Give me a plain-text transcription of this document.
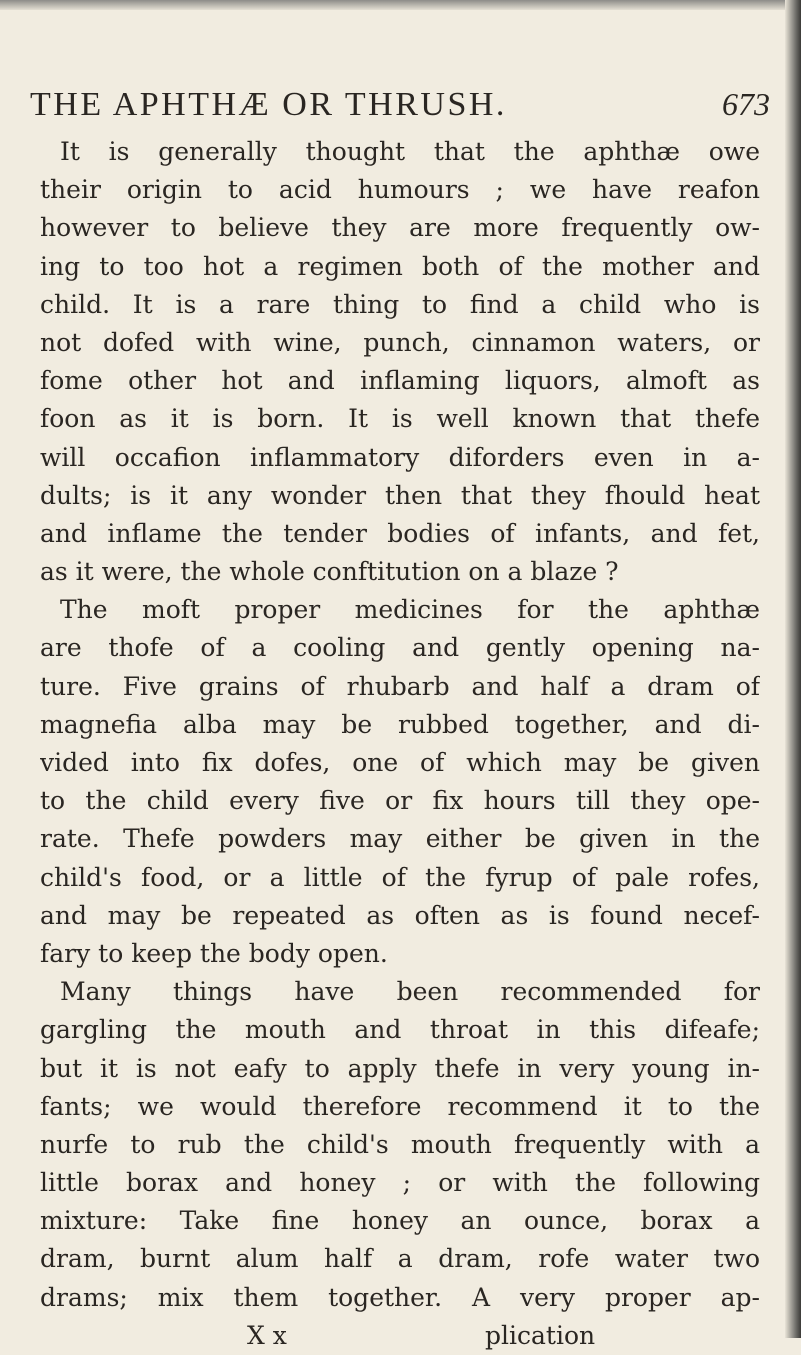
THE APHTHÆ OR THRUSH.	673
It is generally thought that the aphthæ owe
their origin to acid humours ; we have reafon
however to believe they are more frequently ow-
ing to too hot a regimen both of the mother and
child. It is a rare thing to find a child who is
not dofed with wine, punch, cinnamon waters, or
fome other hot and inflaming liquors, almoft as
foon as it is born. It is well known that thefe
will occafion inflammatory diforders even in a-
dults; is it any wonder then that they fhould heat
and inflame the tender bodies of infants, and fet,
as it were, the whole conftitution on a blaze ?
The moft proper medicines for the aphthæ
are thofe of a cooling and gently opening na-
ture. Five grains of rhubarb and half a dram of
magnefia alba may be rubbed together, and di-
vided into fix dofes, one of which may be given
to the child every five or fix hours till they ope-
rate. Thefe powders may either be given in the
child's food, or a little of the fyrup of pale rofes,
and may be repeated as often as is found necef-
fary to keep the body open.
Many things have been recommended for
gargling the mouth and throat in this difeafe;
but it is not eafy to apply thefe in very young in-
fants; we would therefore recommend it to the
nurfe to rub the child's mouth frequently with a
little borax and honey ; or with the following
mixture: Take fine honey an ounce, borax a
dram, burnt alum half a dram, rofe water two
drams; mix them together. A very proper ap-
X x	plication
